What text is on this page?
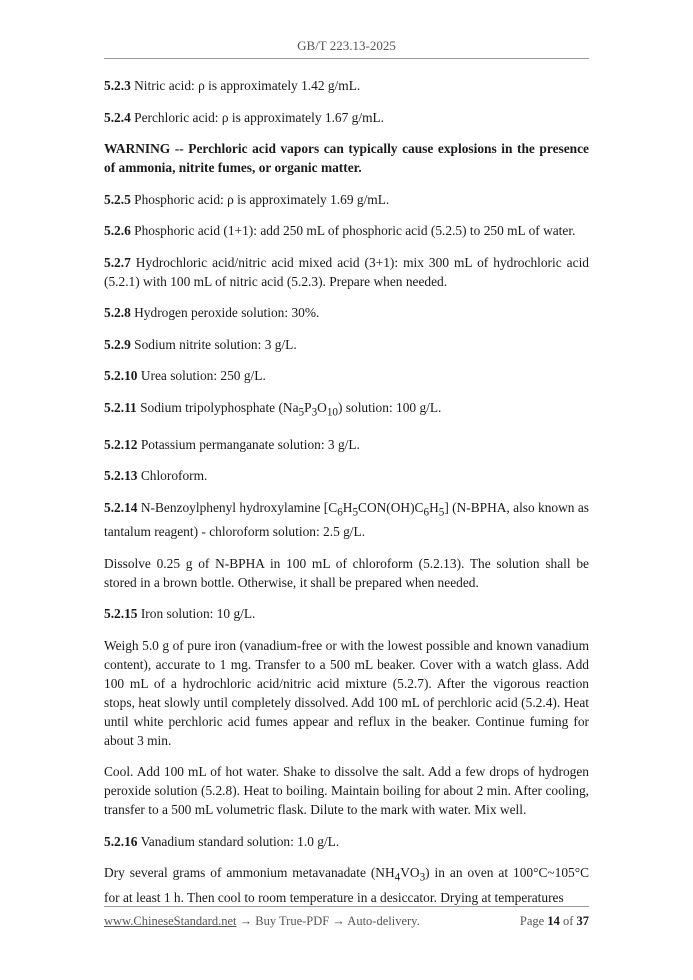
GB/T 223.13-2025

5.2.3 Nitric acid: ρ is approximately 1.42 g/mL.

5.2.4 Perchloric acid: ρ is approximately 1.67 g/mL.

WARNING -- Perchloric acid vapors can typically cause explosions in the presence of ammonia, nitrite fumes, or organic matter.

5.2.5 Phosphoric acid: ρ is approximately 1.69 g/mL.

5.2.6 Phosphoric acid (1+1): add 250 mL of phosphoric acid (5.2.5) to 250 mL of water.

5.2.7 Hydrochloric acid/nitric acid mixed acid (3+1): mix 300 mL of hydrochloric acid (5.2.1) with 100 mL of nitric acid (5.2.3). Prepare when needed.

5.2.8 Hydrogen peroxide solution: 30%.

5.2.9 Sodium nitrite solution: 3 g/L.

5.2.10 Urea solution: 250 g/L.

5.2.11 Sodium tripolyphosphate $(Na_5P_3O_{10})$ solution: 100 g/L.

5.2.12 Potassium permanganate solution: 3 g/L.

5.2.13 Chloroform.

5.2.14 N-Benzoylphenyl hydroxylamine $[C_6H_5CON(OH)C_6H_5]$ (N-BPHA, also known as tantalum reagent) - chloroform solution: 2.5 g/L.

Dissolve 0.25 g of N-BPHA in 100 mL of chloroform (5.2.13). The solution shall be stored in a brown bottle. Otherwise, it shall be prepared when needed.

5.2.15 Iron solution: 10 g/L.

Weigh 5.0 g of pure iron (vanadium-free or with the lowest possible and known vanadium content), accurate to 1 mg. Transfer to a 500 mL beaker. Cover with a watch glass. Add 100 mL of a hydrochloric acid/nitric acid mixture (5.2.7). After the vigorous reaction stops, heat slowly until completely dissolved. Add 100 mL of perchloric acid (5.2.4). Heat until white perchloric acid fumes appear and reflux in the beaker. Continue fuming for about 3 min.

Cool. Add 100 mL of hot water. Shake to dissolve the salt. Add a few drops of hydrogen peroxide solution (5.2.8). Heat to boiling. Maintain boiling for about 2 min. After cooling, transfer to a 500 mL volumetric flask. Dilute to the mark with water. Mix well.

5.2.16 Vanadium standard solution: 1.0 g/L.

Dry several grams of ammonium metavanadate $(NH_4VO_3)$ in an oven at 100°C~105°C for at least 1 h. Then cool to room temperature in a desiccator. Drying at temperatures

www.ChineseStandard.net → Buy True-PDF → Auto-delivery.	Page 14 of 37
